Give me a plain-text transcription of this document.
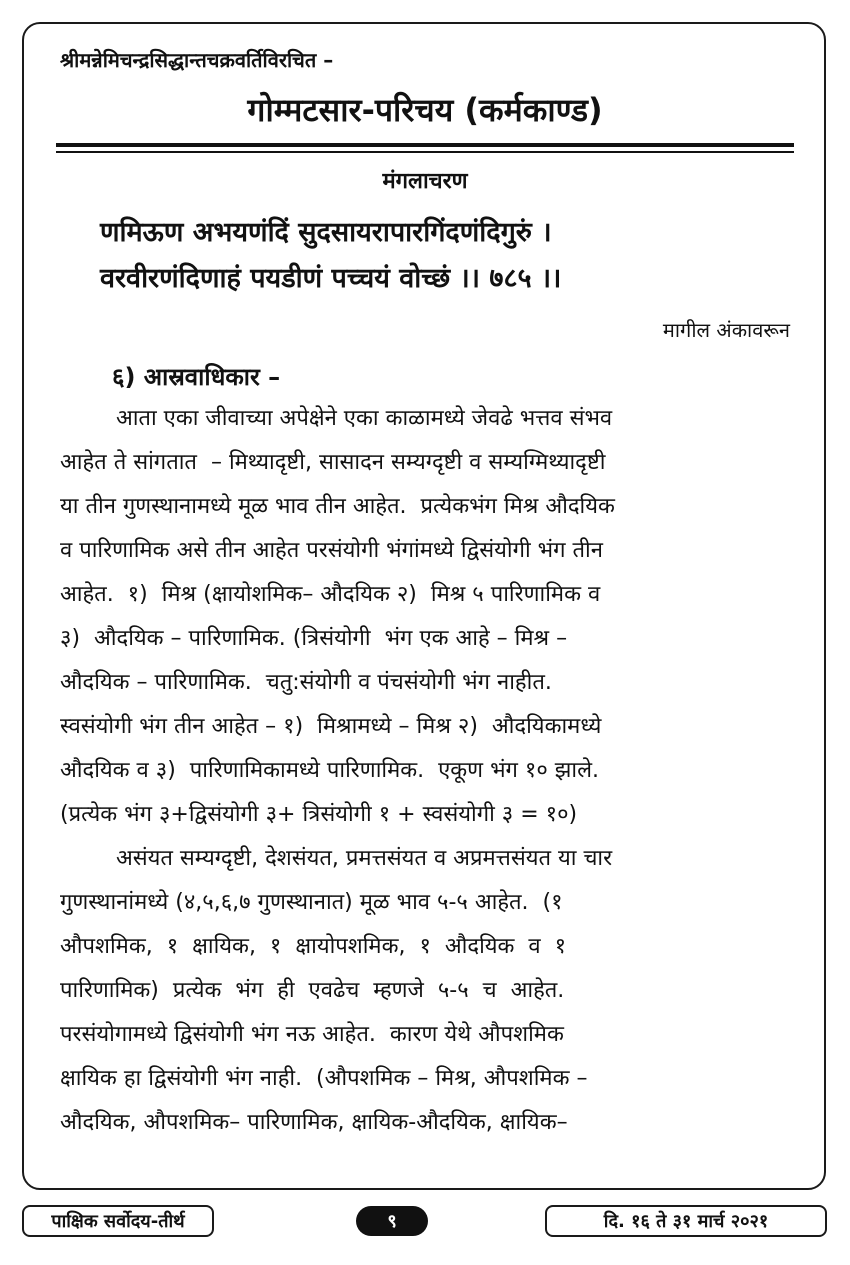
श्रीमन्नेमिचन्द्रसिद्धान्तचक्रवर्तिविरचित –
गोम्मटसार-परिचय (कर्मकाण्ड)
मंगलाचरण
णमिऊण अभयणंदिं सुदसायरापारगिंदणंदिगुरुं ।
वरवीरणंदिणाहं पयडीणं पच्चयं वोच्छं ।। ७८५ ।।
मागील अंकावरून
६) आस्रवाधिकार –
आता एका जीवाच्या अपेक्षेने एका काळामध्ये जेवढे भत्तव संभव
आहेत ते सांगतात  – मिथ्यादृष्टी, सासादन सम्यग्दृष्टी व सम्यग्मिथ्यादृष्टी
या तीन गुणस्थानामध्ये मूळ भाव तीन आहेत.  प्रत्येकभंग मिश्र औदयिक
व पारिणामिक असे तीन आहेत परसंयोगी भंगांमध्ये द्विसंयोगी भंग तीन
आहेत.  १)  मिश्र (क्षायोशमिक– औदयिक २)  मिश्र ५ पारिणामिक व
३)  औदयिक – पारिणामिक. (त्रिसंयोगी  भंग एक आहे – मिश्र –
औदयिक – पारिणामिक.  चतु:संयोगी व पंचसंयोगी भंग नाहीत.
स्वसंयोगी भंग तीन आहेत – १)  मिश्रामध्ये – मिश्र २)  औदयिकामध्ये
औदयिक व ३)  पारिणामिकामध्ये पारिणामिक.  एकूण भंग १० झाले.
(प्रत्येक भंग ३+द्विसंयोगी ३+ त्रिसंयोगी १ + स्वसंयोगी ३ = १०)
असंयत सम्यग्दृष्टी, देशसंयत, प्रमत्तसंयत व अप्रमत्तसंयत या चार
गुणस्थानांमध्ये (४,५,६,७ गुणस्थानात) मूळ भाव ५-५ आहेत.  (१
औपशमिक,  १  क्षायिक,  १  क्षायोपशमिक,  १  औदयिक  व  १
पारिणामिक)  प्रत्येक  भंग  ही  एवढेच  म्हणजे  ५-५  च  आहेत.
परसंयोगामध्ये द्विसंयोगी भंग नऊ आहेत.  कारण येथे औपशमिक
क्षायिक हा द्विसंयोगी भंग नाही.  (औपशमिक – मिश्र, औपशमिक –
औदयिक, औपशमिक– पारिणामिक, क्षायिक-औदयिक, क्षायिक–
पाक्षिक सर्वोदय-तीर्थ	९	दि. १६ ते ३१ मार्च २०२१
